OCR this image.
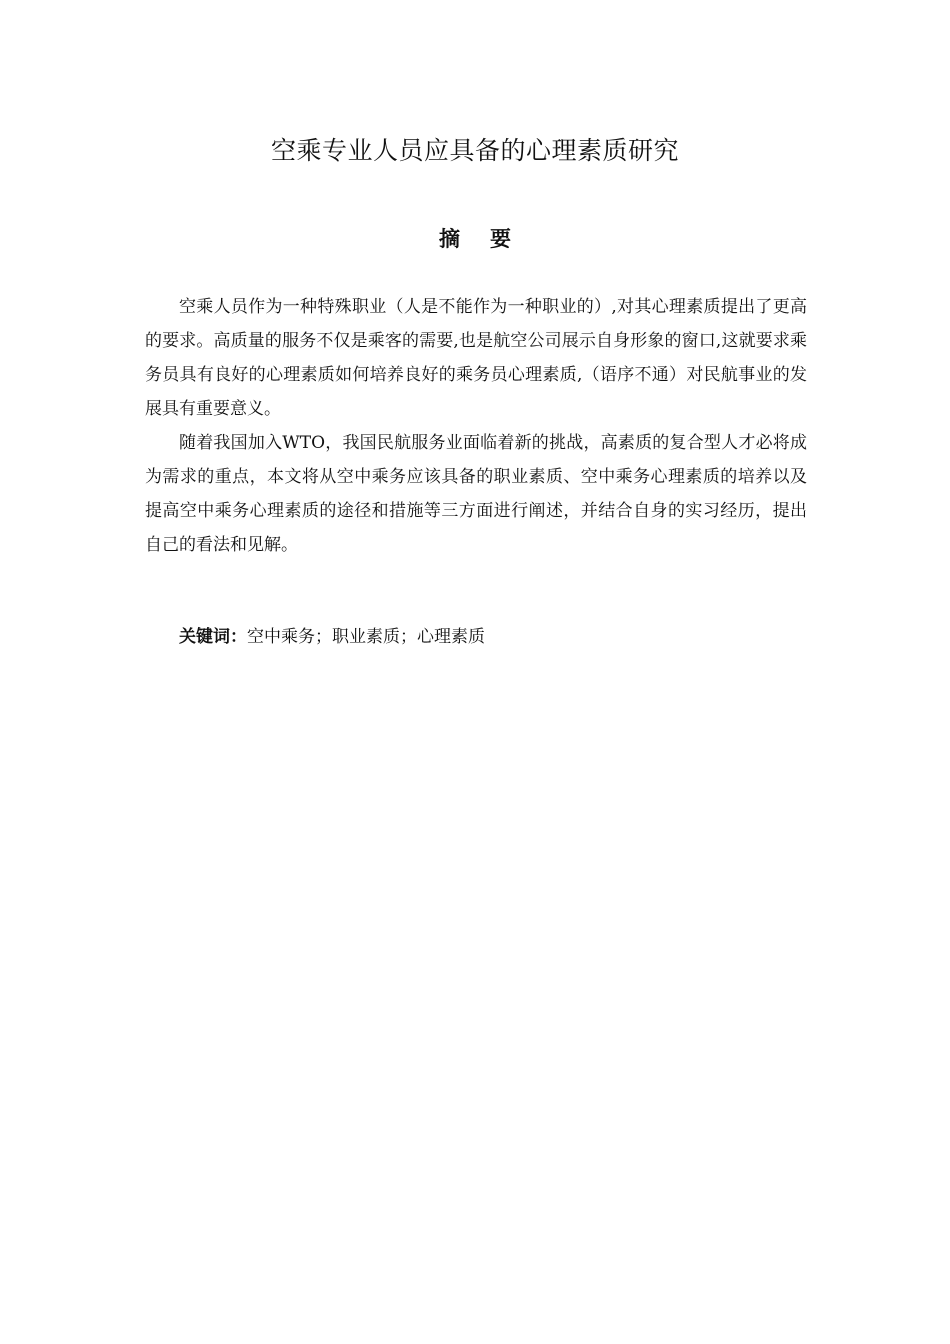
空乘专业人员应具备的心理素质研究
摘要

空乘人员作为一种特殊职业（人是不能作为一种职业的）,对其心理素质提出了更高的要求。高质量的服务不仅是乘客的需要,也是航空公司展示自身形象的窗口,这就要求乘务员具有良好的心理素质如何培养良好的乘务员心理素质,（语序不通）对民航事业的发展具有重要意义。

随着我国加入WTO，我国民航服务业面临着新的挑战，高素质的复合型人才必将成为需求的重点，本文将从空中乘务应该具备的职业素质、空中乘务心理素质的培养以及提高空中乘务心理素质的途径和措施等三方面进行阐述，并结合自身的实习经历，提出自己的看法和见解。

关键词：空中乘务；职业素质；心理素质
